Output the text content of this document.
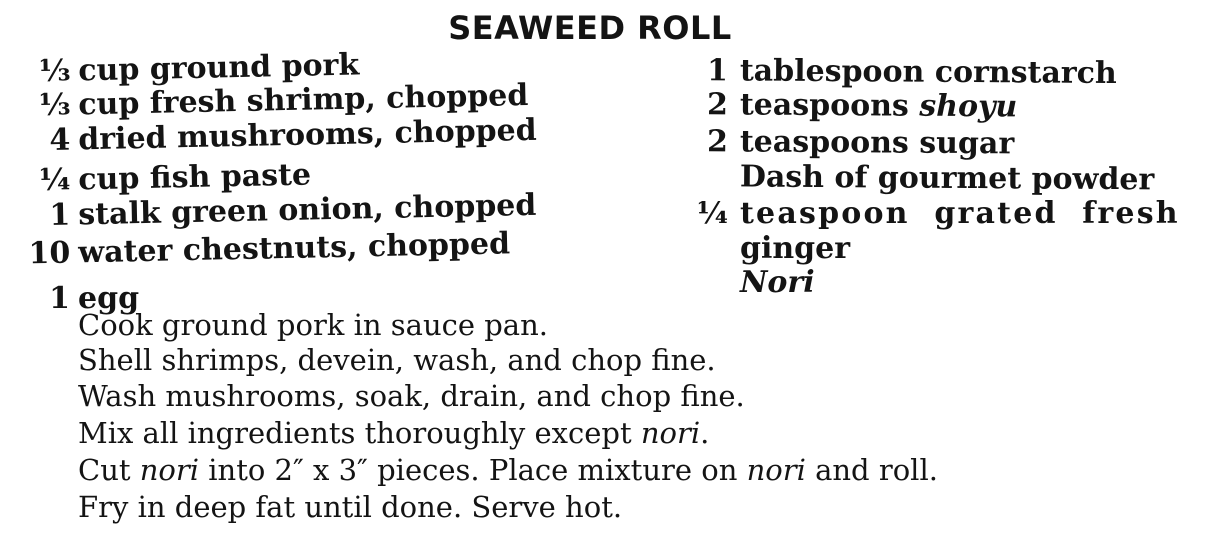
SEAWEED ROLL
⅓ cup ground pork
⅓ cup fresh shrimp, chopped
4 dried mushrooms, chopped
¼ cup fish paste
1 stalk green onion, chopped
10 water chestnuts, chopped
1 egg
1 tablespoon cornstarch
2 teaspoons shoyu
2 teaspoons sugar
Dash of gourmet powder
¼ teaspoon grated fresh
ginger
Nori
Cook ground pork in sauce pan.
Shell shrimps, devein, wash, and chop fine.
Wash mushrooms, soak, drain, and chop fine.
Mix all ingredients thoroughly except nori.
Cut nori into 2″ x 3″ pieces. Place mixture on nori and roll.
Fry in deep fat until done. Serve hot.
